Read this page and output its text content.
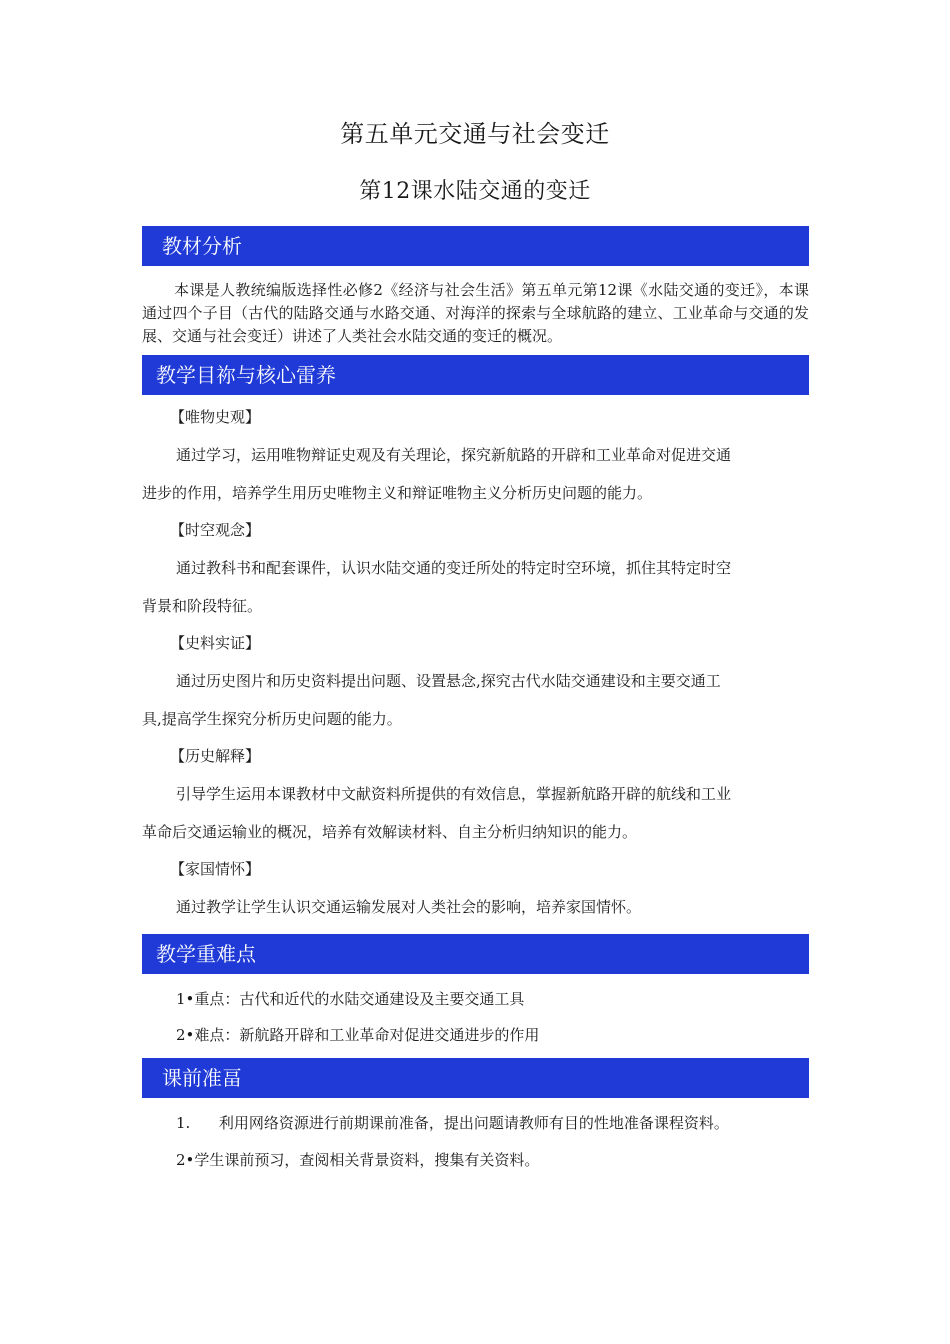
第五单元交通与社会变迁
第12课水陆交通的变迁
教材分析

本课是人教统编版选择性必修2《经济与社会生活》第五单元第12课《水陆交通的变迁》，本课通过四个子目（古代的陆路交通与水路交通、对海洋的探索与全球航路的建立、工业革命与交通的发展、交通与社会变迁）讲述了人类社会水陆交通的变迁的概况。

教学目祢与核心雷养
【唯物史观】
通过学习，运用唯物辩证史观及有关理论，探究新航路的开辟和工业革命对促进交通
进步的作用，培养学生用历史唯物主义和辩证唯物主义分析历史问题的能力。
【时空观念】
通过教科书和配套课件，认识水陆交通的变迁所处的特定时空环境，抓住其特定时空
背景和阶段特征。
【史料实证】
通过历史图片和历史资料提出问题、设置悬念,探究古代水陆交通建设和主要交通工
具,提高学生探究分析历史问题的能力。
【历史解释】
引导学生运用本课教材中文献资料所提供的有效信息，掌握新航路开辟的航线和工业
革命后交通运输业的概况，培养有效解读材料、自主分析归纳知识的能力。
【家国情怀】
通过教学让学生认识交通运输发展对人类社会的影响，培养家国情怀。
教学重难点
1•重点：古代和近代的水陆交通建设及主要交通工具
2•难点：新航路开辟和工业革命对促进交通进步的作用
课前准畐
1.      利用网络资源进行前期课前准备，提出问题请教师有目的性地准备课程资料。
2•学生课前预习，查阅相关背景资料，搜集有关资料。
